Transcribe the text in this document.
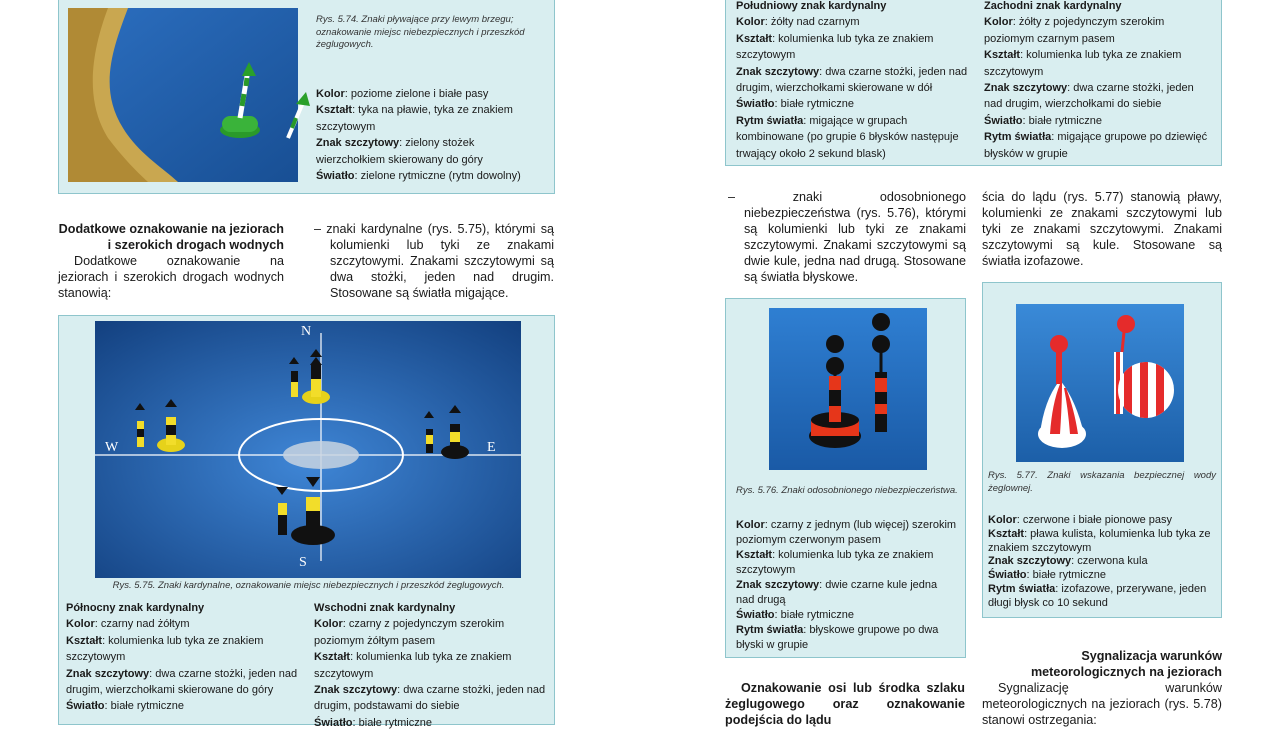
Rys. 5.74. Znaki pływające przy lewym brzegu; oznakowanie miejsc niebezpiecznych i przeszkód żeglugowych.
Kolor: poziome zielone i białe pasy
Kształt: tyka na pławie, tyka ze znakiem szczytowym
Znak szczytowy: zielony stożek wierzchołkiem skierowany do góry
Światło: zielone rytmiczne (rytm dowolny)
Dodatkowe oznakowanie na jeziorach i szerokich drogach wodnych
Dodatkowe oznakowanie na jeziorach i szerokich drogach wodnych stanowią:
– znaki kardynalne (rys. 5.75), którymi są kolumienki lub tyki ze znakami szczytowymi. Znakami szczytowymi są dwa stożki, jeden nad drugim. Stosowane są światła migające.
N
W	E
S
Rys. 5.75. Znaki kardynalne, oznakowanie miejsc niebezpiecznych i przeszkód żeglugowych.
Północny znak kardynalny
Kolor: czarny nad żółtym
Kształt: kolumienka lub tyka ze znakiem szczytowym
Znak szczytowy: dwa czarne stożki, jeden nad drugim, wierzchołkami skierowane do góry
Światło: białe rytmiczne
Wschodni znak kardynalny
Kolor: czarny z pojedynczym szerokim poziomym żółtym pasem
Kształt: kolumienka lub tyka ze znakiem szczytowym
Znak szczytowy: dwa czarne stożki, jeden nad drugim, podstawami do siebie
Światło: białe rytmiczne
Południowy znak kardynalny
Kolor: żółty nad czarnym
Kształt: kolumienka lub tyka ze znakiem szczytowym
Znak szczytowy: dwa czarne stożki, jeden nad drugim, wierzchołkami skierowane w dół

Światło: białe rytmiczne
Rytm światła: migające w grupach kombinowane (po grupie 6 błysków następuje trwający około 2 sekund blask)
Zachodni znak kardynalny
Kolor: żółty z pojedynczym szerokim poziomym czarnym pasem
Kształt: kolumienka lub tyka ze znakiem szczytowym
Znak szczytowy: dwa czarne stożki, jeden nad drugim, wierzchołkami do siebie

Światło: białe rytmiczne
Rytm światła: migające grupowe po dziewięć błysków w grupie
– znaki odosobnionego niebezpieczeństwa (rys. 5.76), którymi są kolumienki lub tyki ze znakami szczytowymi. Znakami szczytowymi są dwie kule, jedna nad drugą. Stosowane są światła błyskowe.
ścia do lądu (rys. 5.77) stanowią pławy, kolumienki ze znakami szczytowymi lub tyki ze znakami szczytowymi. Znakami szczytowymi są kule. Stosowane są światła izofazowe.
Rys. 5.76. Znaki odosobnionego niebezpieczeństwa.
Kolor: czarny z jednym (lub więcej) szerokim poziomym czerwonym pasem
Kształt: kolumienka lub tyka ze znakiem szczytowym
Znak szczytowy: dwie czarne kule jedna nad drugą

Światło: białe rytmiczne
Rytm światła: błyskowe grupowe po dwa błyski w grupie
Rys. 5.77. Znaki wskazania bezpiecznej wody żeglownej.
Kolor: czerwone i białe pionowe pasy
Kształt: pława kulista, kolumienka lub tyka ze znakiem szczytowym

Znak szczytowy: czerwona kula
Światło: białe rytmiczne
Rytm światła: izofazowe, przerywane, jeden długi błysk co 10 sekund
Oznakowanie osi lub środka szlaku żeglugowego oraz oznakowanie podejścia do lądu
Sygnalizacja warunków meteorologicznych na jeziorach
Sygnalizację warunków meteorologicznych na jeziorach (rys. 5.78) stanowi ostrzegania:
